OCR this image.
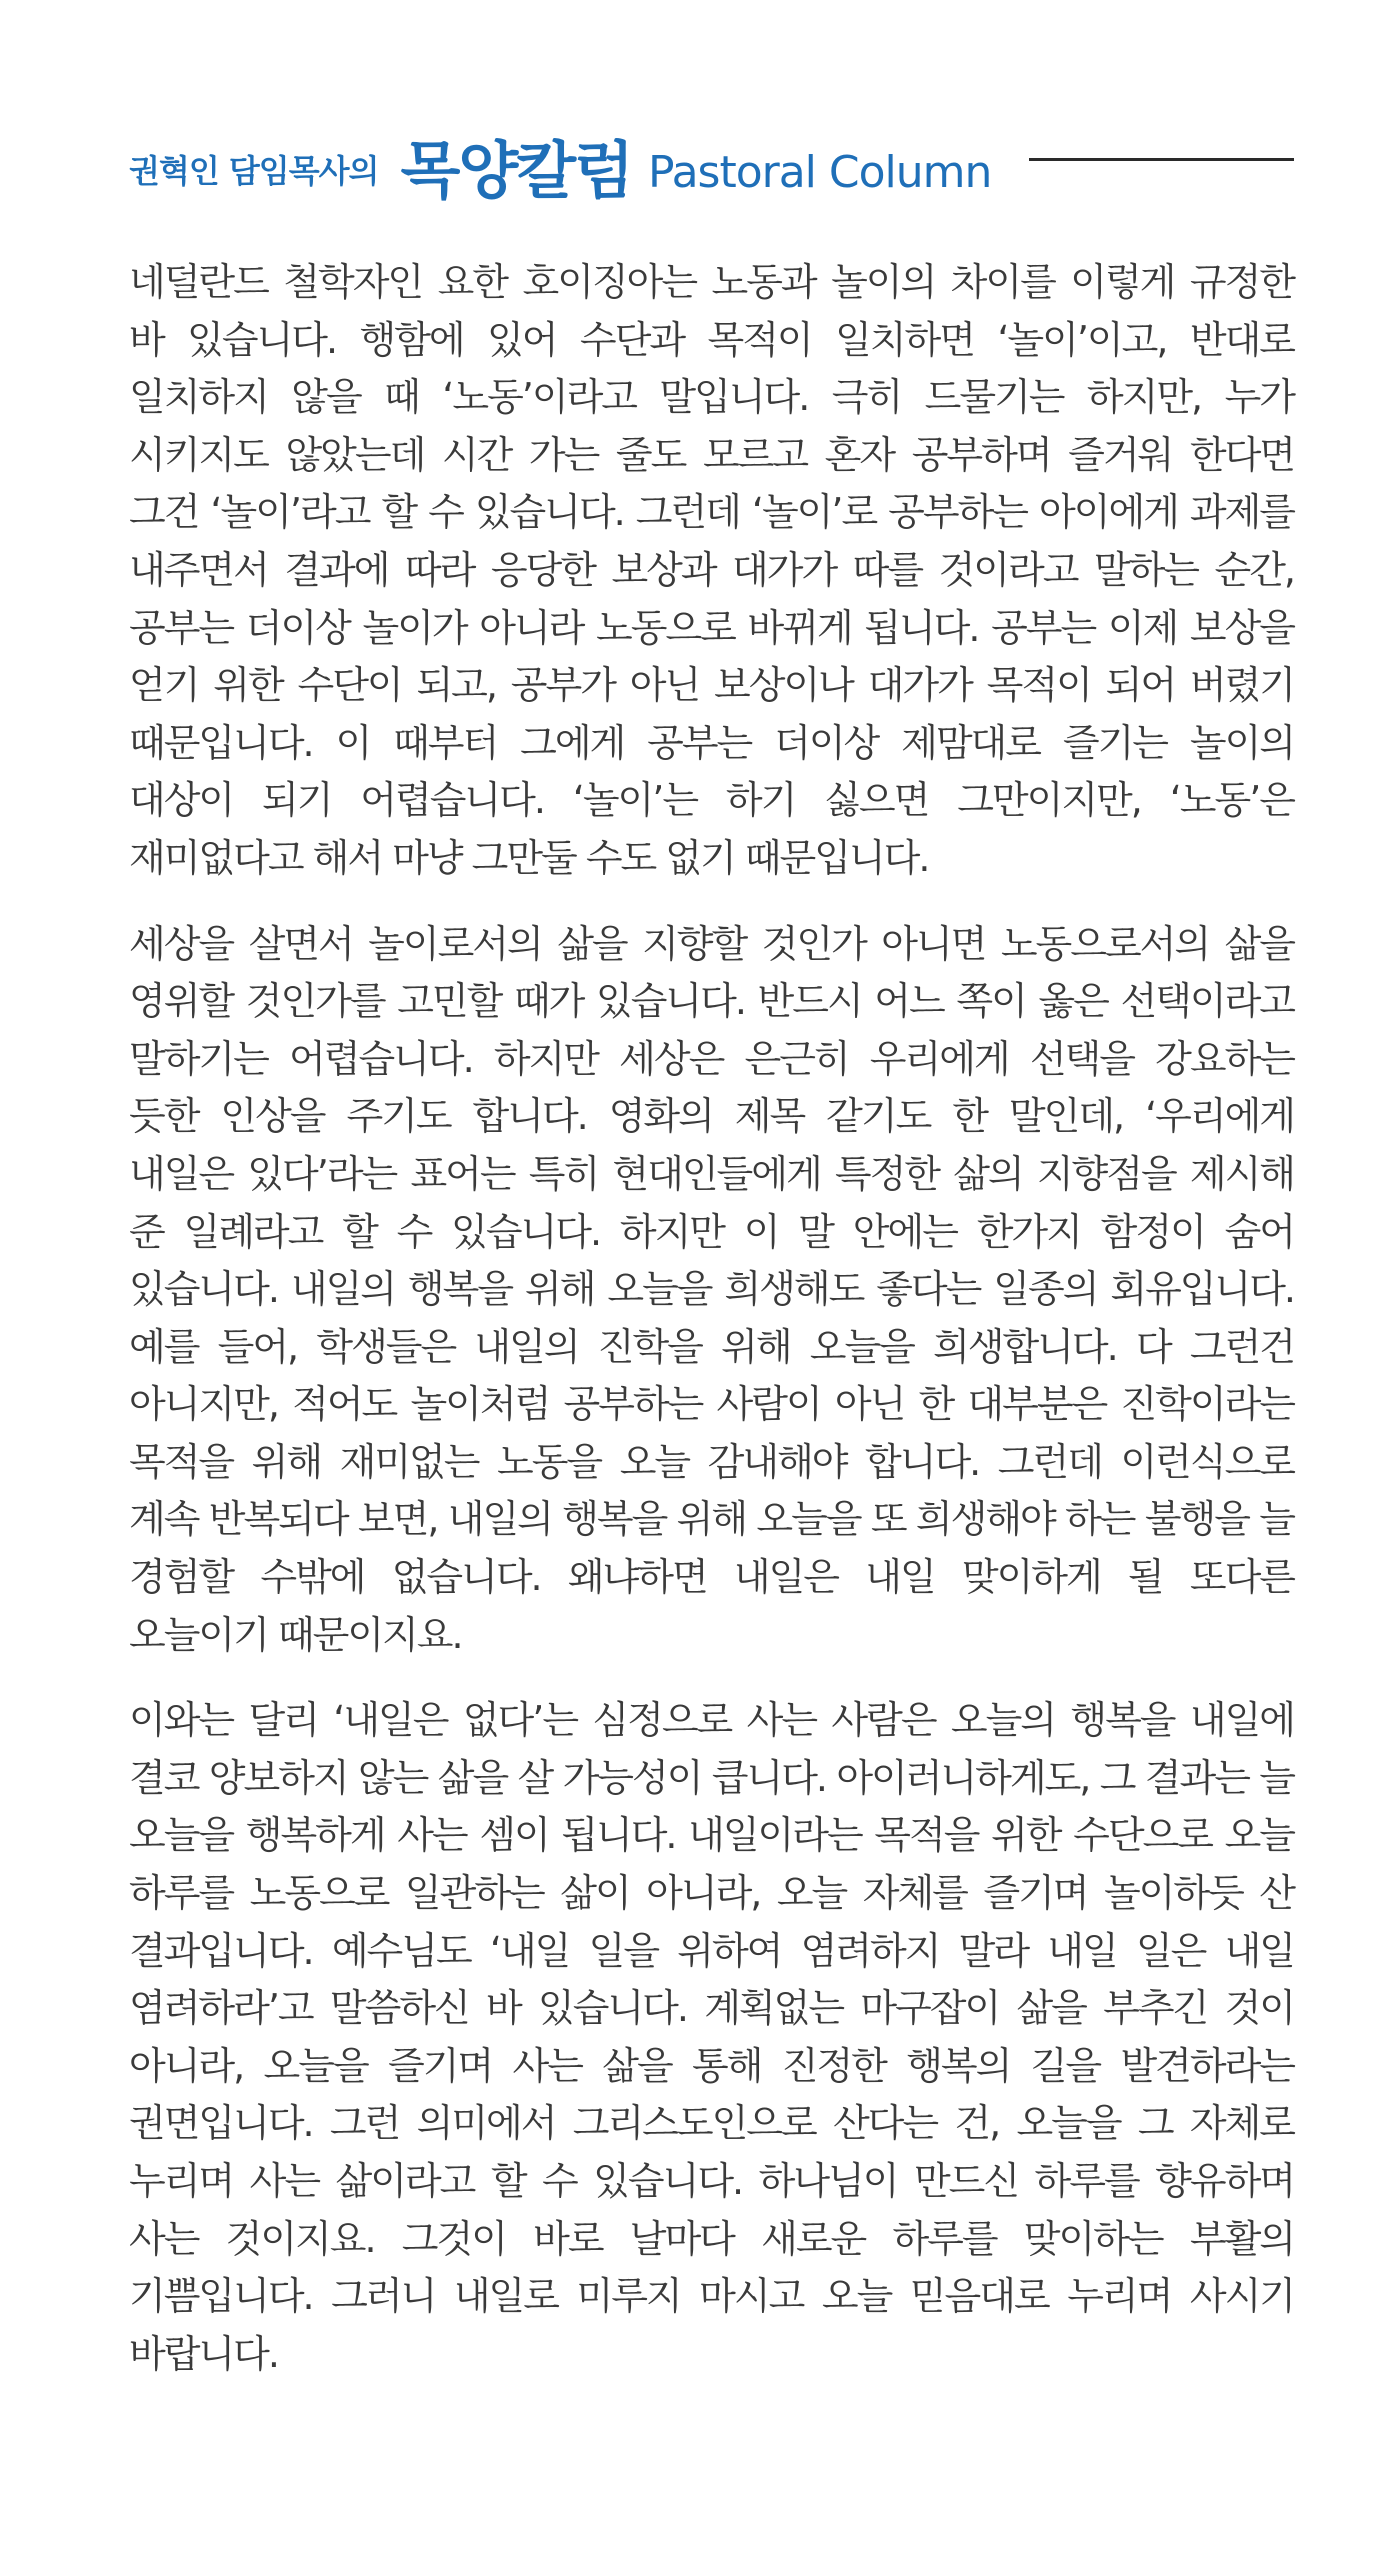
권혁인 담임목사의 목양칼럼 Pastoral Column

네덜란드 철학자인 요한 호이징아는 노동과 놀이의 차이를 이렇게 규정한 바 있습니다. 행함에 있어 수단과 목적이 일치하면 ‘놀이’이고, 반대로 일치하지 않을 때 ‘노동’이라고 말입니다. 극히 드물기는 하지만, 누가 시키지도 않았는데 시간 가는 줄도 모르고 혼자 공부하며 즐거워 한다면 그건 ‘놀이’라고 할 수 있습니다. 그런데 ‘놀이’로 공부하는 아이에게 과제를 내주면서 결과에 따라 응당한 보상과 대가가 따를 것이라고 말하는 순간, 공부는 더이상 놀이가 아니라 노동으로 바뀌게 됩니다. 공부는 이제 보상을 얻기 위한 수단이 되고, 공부가 아닌 보상이나 대가가 목적이 되어 버렸기 때문입니다. 이 때부터 그에게 공부는 더이상 제맘대로 즐기는 놀이의 대상이 되기 어렵습니다. ‘놀이’는 하기 싫으면 그만이지만, ‘노동’은 재미없다고 해서 마냥 그만둘 수도 없기 때문입니다.

세상을 살면서 놀이로서의 삶을 지향할 것인가 아니면 노동으로서의 삶을 영위할 것인가를 고민할 때가 있습니다. 반드시 어느 쪽이 옳은 선택이라고 말하기는 어렵습니다. 하지만 세상은 은근히 우리에게 선택을 강요하는 듯한 인상을 주기도 합니다. 영화의 제목 같기도 한 말인데, ‘우리에게 내일은 있다’라는 표어는 특히 현대인들에게 특정한 삶의 지향점을 제시해 준 일례라고 할 수 있습니다. 하지만 이 말 안에는 한가지 함정이 숨어 있습니다. 내일의 행복을 위해 오늘을 희생해도 좋다는 일종의 회유입니다. 예를 들어, 학생들은 내일의 진학을 위해 오늘을 희생합니다. 다 그런건 아니지만, 적어도 놀이처럼 공부하는 사람이 아닌 한 대부분은 진학이라는 목적을 위해 재미없는 노동을 오늘 감내해야 합니다. 그런데 이런식으로 계속 반복되다 보면, 내일의 행복을 위해 오늘을 또 희생해야 하는 불행을 늘 경험할 수밖에 없습니다. 왜냐하면 내일은 내일 맞이하게 될 또다른 오늘이기 때문이지요.

이와는 달리 ‘내일은 없다’는 심정으로 사는 사람은 오늘의 행복을 내일에 결코 양보하지 않는 삶을 살 가능성이 큽니다. 아이러니하게도, 그 결과는 늘 오늘을 행복하게 사는 셈이 됩니다. 내일이라는 목적을 위한 수단으로 오늘 하루를 노동으로 일관하는 삶이 아니라, 오늘 자체를 즐기며 놀이하듯 산 결과입니다. 예수님도 ‘내일 일을 위하여 염려하지 말라 내일 일은 내일 염려하라’고 말씀하신 바 있습니다. 계획없는 마구잡이 삶을 부추긴 것이 아니라, 오늘을 즐기며 사는 삶을 통해 진정한 행복의 길을 발견하라는 권면입니다. 그런 의미에서 그리스도인으로 산다는 건, 오늘을 그 자체로 누리며 사는 삶이라고 할 수 있습니다. 하나님이 만드신 하루를 향유하며 사는 것이지요. 그것이 바로 날마다 새로운 하루를 맞이하는 부활의 기쁨입니다. 그러니 내일로 미루지 마시고 오늘 믿음대로 누리며 사시기 바랍니다.
